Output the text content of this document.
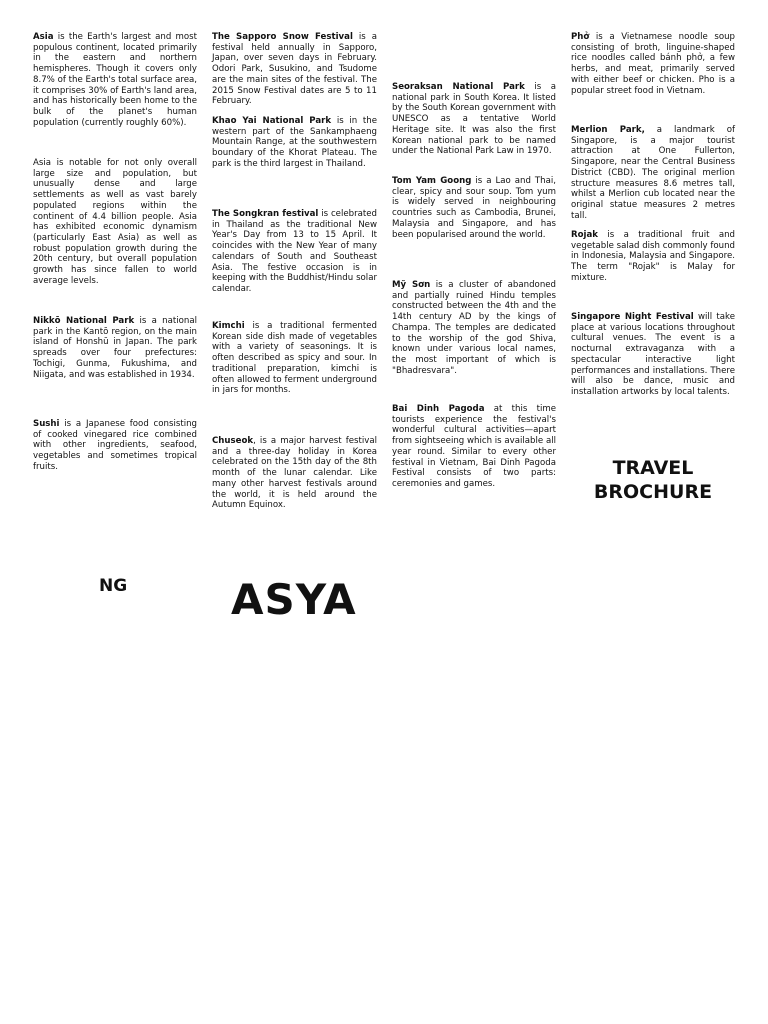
Asia is the Earth's largest and most populous continent, located primarily in the eastern and northern hemispheres. Though it covers only 8.7% of the Earth's total surface area, it comprises 30% of Earth's land area, and has historically been home to the bulk of the planet's human population (currently roughly 60%).

Asia is notable for not only overall large size and population, but unusually dense and large settlements as well as vast barely populated regions within the continent of 4.4 billion people. Asia has exhibited economic dynamism (particularly East Asia) as well as robust population growth during the 20th century, but overall population growth has since fallen to world average levels.

Nikkō National Park is a national park in the Kantō region, on the main island of Honshū in Japan. The park spreads over four prefectures: Tochigi, Gunma, Fukushima, and Niigata, and was established in 1934.

Sushi is a Japanese food consisting of cooked vinegared rice combined with other ingredients, seafood, vegetables and sometimes tropical fruits.

The Sapporo Snow Festival is a festival held annually in Sapporo, Japan, over seven days in February. Odori Park, Susukino, and Tsudome are the main sites of the festival. The 2015 Snow Festival dates are 5 to 11 February.

Khao Yai National Park is in the western part of the Sankamphaeng Mountain Range, at the southwestern boundary of the Khorat Plateau. The park is the third largest in Thailand.

The Songkran festival is celebrated in Thailand as the traditional New Year's Day from 13 to 15 April. It coincides with the New Year of many calendars of South and Southeast Asia. The festive occasion is in keeping with the Buddhist/Hindu solar calendar.

Kimchi is a traditional fermented Korean side dish made of vegetables with a variety of seasonings. It is often described as spicy and sour. In traditional preparation, kimchi is often allowed to ferment underground in jars for months.

Chuseok, is a major harvest festival and a three-day holiday in Korea celebrated on the 15th day of the 8th month of the lunar calendar. Like many other harvest festivals around the world, it is held around the Autumn Equinox.

Seoraksan National Park is a national park in South Korea. It listed by the South Korean government with UNESCO as a tentative World Heritage site. It was also the first Korean national park to be named under the National Park Law in 1970.

Tom Yam Goong is a Lao and Thai, clear, spicy and sour soup. Tom yum is widely served in neighbouring countries such as Cambodia, Brunei, Malaysia and Singapore, and has been popularised around the world.

Mỹ Sơn is a cluster of abandoned and partially ruined Hindu temples constructed between the 4th and the 14th century AD by the kings of Champa. The temples are dedicated to the worship of the god Shiva, known under various local names, the most important of which is "Bhadresvara".

Bai Dinh Pagoda at this time tourists experience the festival's wonderful cultural activities—apart from sightseeing which is available all year round. Similar to every other festival in Vietnam, Bai Dinh Pagoda Festival consists of two parts: ceremonies and games.

Phở is a Vietnamese noodle soup consisting of broth, linguine-shaped rice noodles called bánh phở, a few herbs, and meat, primarily served with either beef or chicken. Pho is a popular street food in Vietnam.

Merlion Park, a landmark of Singapore, is a major tourist attraction at One Fullerton, Singapore, near the Central Business District (CBD). The original merlion structure measures 8.6 metres tall, whilst a Merlion cub located near the original statue measures 2 metres tall.

Rojak is a traditional fruit and vegetable salad dish commonly found in Indonesia, Malaysia and Singapore. The term "Rojak" is Malay for mixture.

Singapore Night Festival will take place at various locations throughout cultural venues. The event is a nocturnal extravaganza with a spectacular interactive light performances and installations. There will also be dance, music and installation artworks by local talents.

TRAVEL
BROCHURE
NG ASYA
